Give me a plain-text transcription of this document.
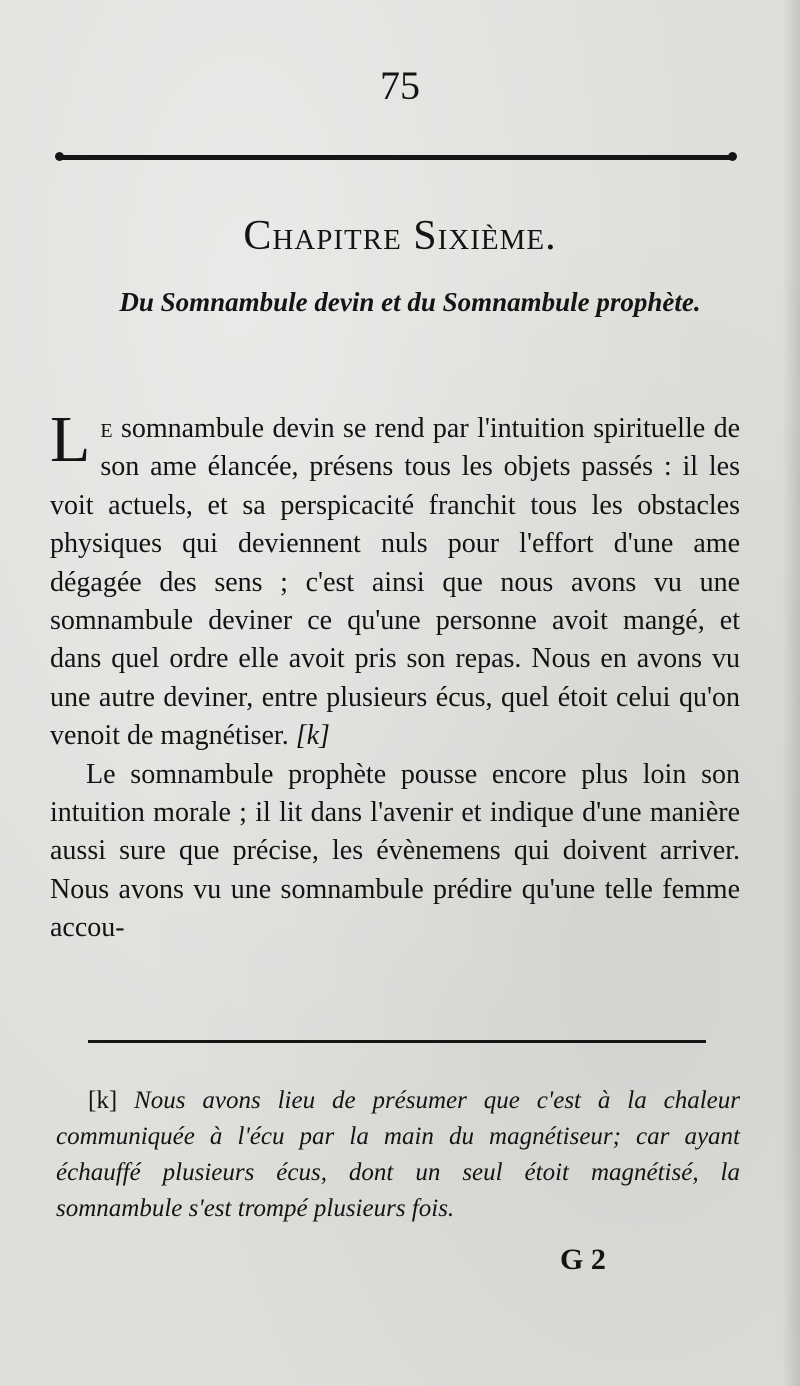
75
Chapitre Sixième.
Du Somnambule devin et du Somnambule prophète.

Le somnambule devin se rend par l'intuition spirituelle de son ame élancée, présens tous les objets passés : il les voit actuels, et sa perspicacité franchit tous les obstacles physiques qui deviennent nuls pour l'effort d'une ame dégagée des sens ; c'est ainsi que nous avons vu une somnambule deviner ce qu'une personne avoit mangé, et dans quel ordre elle avoit pris son repas. Nous en avons vu une autre deviner, entre plusieurs écus, quel étoit celui qu'on venoit de magnétiser. [k]

Le somnambule prophète pousse encore plus loin son intuition morale ; il lit dans l'avenir et indique d'une manière aussi sure que précise, les évènemens qui doivent arriver. Nous avons vu une somnambule prédire qu'une telle femme accou-

[k] Nous avons lieu de présumer que c'est à la chaleur communiquée à l'écu par la main du magnétiseur; car ayant échauffé plusieurs écus, dont un seul étoit magnétisé, la somnambule s'est trompé plusieurs fois.
G 2
